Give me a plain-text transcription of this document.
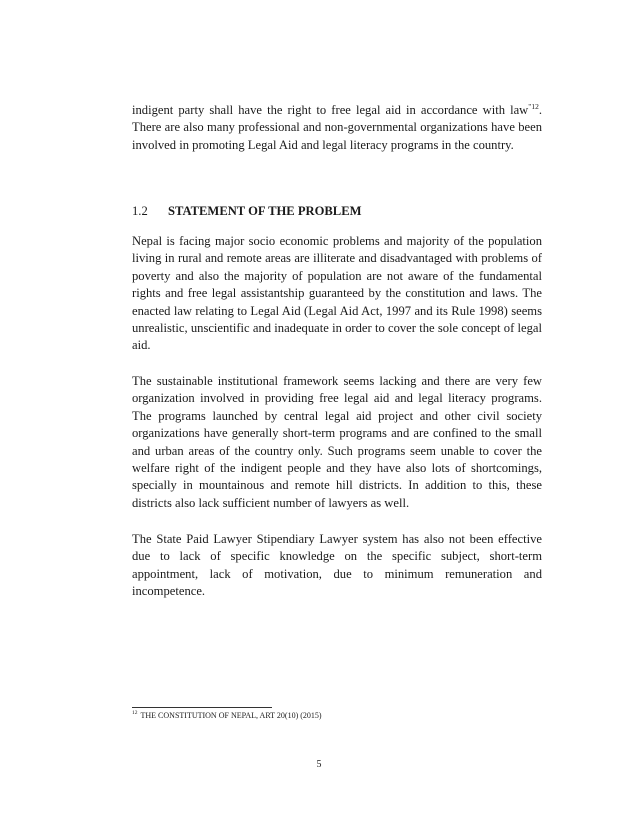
indigent party shall have the right to free legal aid in accordance with law$^{"12}$. There are also many professional and non-governmental organizations have been involved in promoting Legal Aid and legal literacy programs in the country.

1.2	STATEMENT OF THE PROBLEM

Nepal is facing major socio economic problems and majority of the population living in rural and remote areas are illiterate and disadvantaged with problems of poverty and also the majority of population are not aware of the fundamental rights and free legal assistantship guaranteed by the constitution and laws. The enacted law relating to Legal Aid (Legal Aid Act, 1997 and its Rule 1998) seems unrealistic, unscientific and inadequate in order to cover the sole concept of legal aid.

The sustainable institutional framework seems lacking and there are very few organization involved in providing free legal aid and legal literacy programs. The programs launched by central legal aid project and other civil society organizations have generally short-term programs and are confined to the small and urban areas of the country only. Such programs seem unable to cover the welfare right of the indigent people and they have also lots of shortcomings, specially in mountainous and remote hill districts. In addition to this, these districts also lack sufficient number of lawyers as well.

The State Paid Lawyer Stipendiary Lawyer system has also not been effective due to lack of specific knowledge on the specific subject, short-term appointment, lack of motivation, due to minimum remuneration and incompetence.

$^{12}$ THE CONSTITUTION OF NEPAL, ART 20(10) (2015)
5
